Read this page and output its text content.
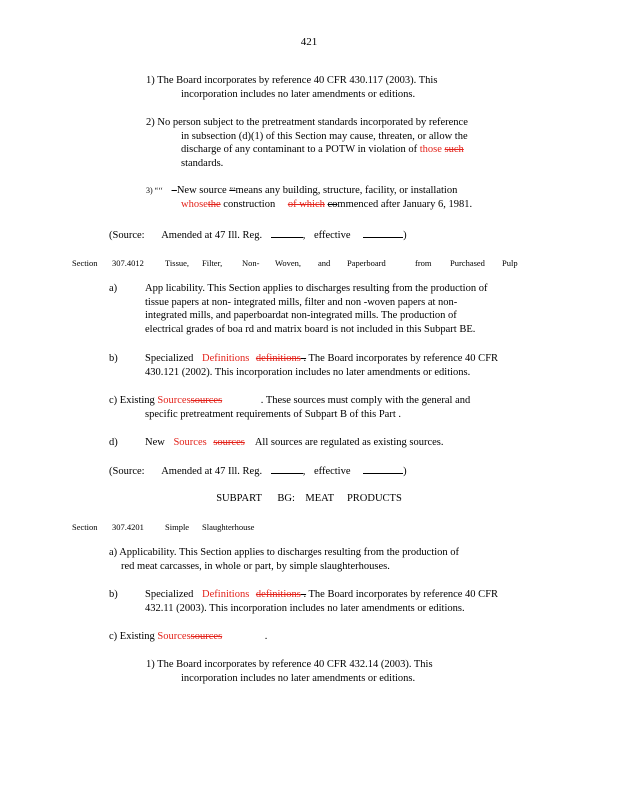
421
1) The Board incorporates by reference 40 CFR 430.117 (2003). This
incorporation includes no later amendments or editions.
2) No person subject to the pretreatment standards incorporated by reference
in subsection (d)(1) of this Section may cause, threaten, or allow the
discharge of any contaminant to a POTW in violation of those such
standards.
3) “‘‘ –New source ”’means any building, structure, facility, or installation
whosethe construction of which commenced after January 6, 1981.
(Source: Amended at 47 Ill. Reg.	, effective	)
Section 307.4012 Tissue, Filter, Non- Woven, and Paperboard	from Purchased Pulp
a)	App licability. This Section applies to discharges resulting from the production of
tissue papers at non- integrated mills, filter and non -woven papers at non-
integrated mills, and paperboardat non-integrated mills. The production of
electrical grades of boa rd and matrix board is not included in this Subpart BE.
b)	Specialized Definitions definitions . The Board incorporates by reference 40 CFR
430.121 (2002). This incorporation includes no later amendments or editions.
c) Existing Sourcessources	. These sources must comply with the general and
specific pretreatment requirements of Subpart B of this Part .
d)	New Sources sources All sources are regulated as existing sources.
(Source: Amended at 47 Ill. Reg.	, effective	)
SUBPART      BG:    MEAT     PRODUCTS
Section 307.4201 Simple Slaughterhouse
a) Applicability. This Section applies to discharges resulting from the production of
red meat carcasses, in whole or part, by simple slaughterhouses.
b)	Specialized Definitions definitions . The Board incorporates by reference 40 CFR
432.11 (2003). This incorporation includes no later amendments or editions.
c) Existing Sourcessources	.
1) The Board incorporates by reference 40 CFR 432.14 (2003). This
incorporation includes no later amendments or editions.
